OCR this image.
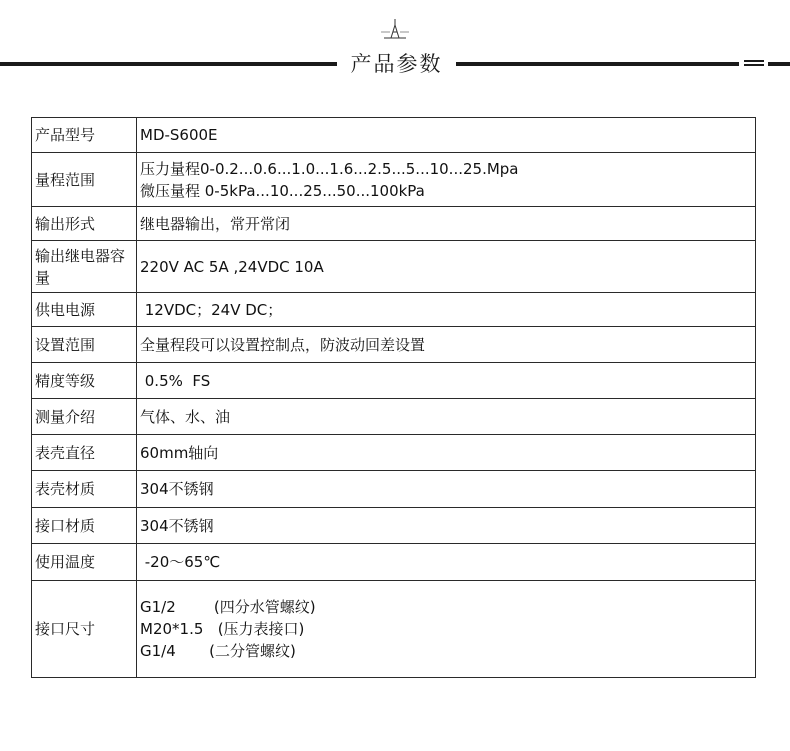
产品参数
产品型号	MD-S600E

量程范围	压力量程0-0.2...0.6...1.0...1.6...2.5...5...10...25.Mpa
微压量程 0-5kPa...10...25...50...100kPa

输出形式	继电器输出，常开常闭

输出继电器容量	220V AC 5A ,24VDC 10A

供电电源	12VDC；24V DC；

设置范围	全量程段可以设置控制点，防波动回差设置

精度等级	0.5%  FS

测量介绍	气体、水、油

表壳直径	60mm轴向

表壳材质	304不锈钢

接口材质	304不锈钢

使用温度	-20～65℃

接口尺寸	G1/2        (四分水管螺纹)
M20*1.5   (压力表接口)
G1/4       (二分管螺纹)
